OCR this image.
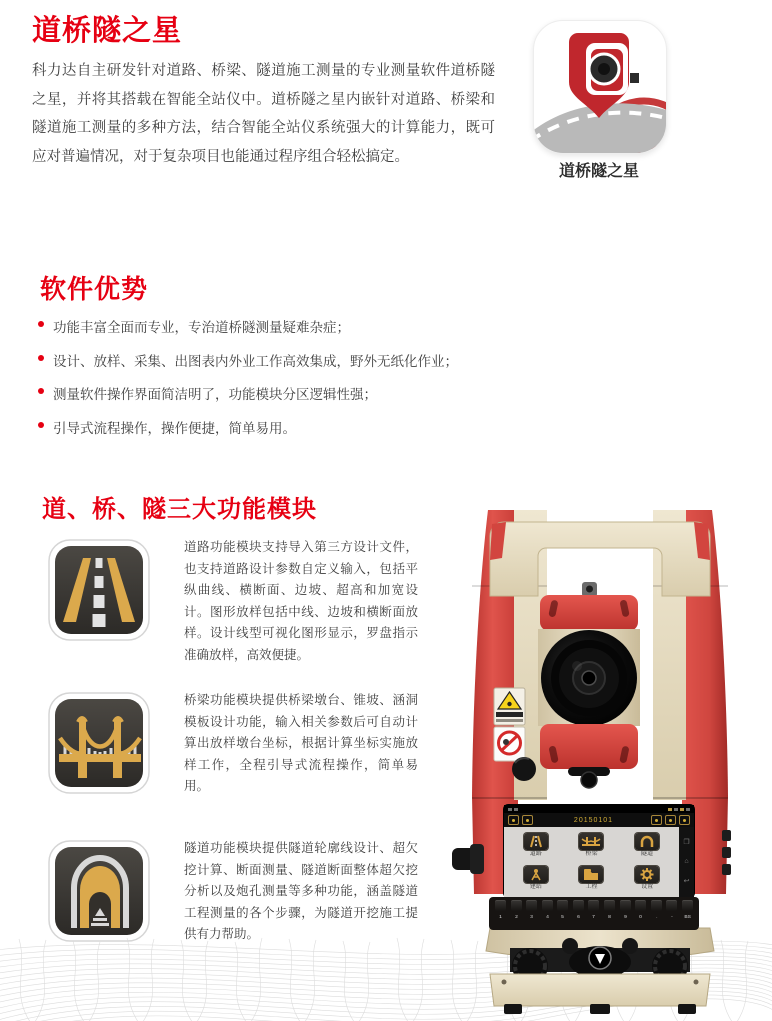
道桥隧之星
科力达自主研发针对道路、桥梁、隧道施工测量的专业测量软件道桥隧之星，并将其搭载在智能全站仪中。道桥隧之星内嵌针对道路、桥梁和隧道施工测量的多种方法，结合智能全站仪系统强大的计算能力，既可应对普遍情况，对于复杂项目也能通过程序组合轻松搞定。
道桥隧之星
软件优势
功能丰富全面而专业，专治道桥隧测量疑难杂症；
设计、放样、采集、出图表内外业工作高效集成，野外无纸化作业；
测量软件操作界面简洁明了，功能模块分区逻辑性强；
引导式流程操作，操作便捷，简单易用。
道、桥、隧三大功能模块
道路功能模块支持导入第三方设计文件，也支持道路设计参数自定义输入，包括平纵曲线、横断面、边坡、超高和加宽设计。图形放样包括中线、边坡和横断面放样。设计线型可视化图形显示，罗盘指示准确放样，高效便捷。
桥梁功能模块提供桥梁墩台、锥坡、涵洞模板设计功能，输入相关参数后可自动计算出放样墩台坐标，根据计算坐标实施放样工作，全程引导式流程操作，简单易用。
隧道功能模块提供隧道轮廓线设计、超欠挖计算、断面测量、隧道断面整体超欠挖分析以及炮孔测量等多种功能，涵盖隧道工程测量的各个步骤，为隧道开挖施工提供有力帮助。
20150101
道路	桥梁	隧道
建站	工程	设置
❐
⌂
↩
1 2 3 4 5 6 7 8 9 0 .	- BS
